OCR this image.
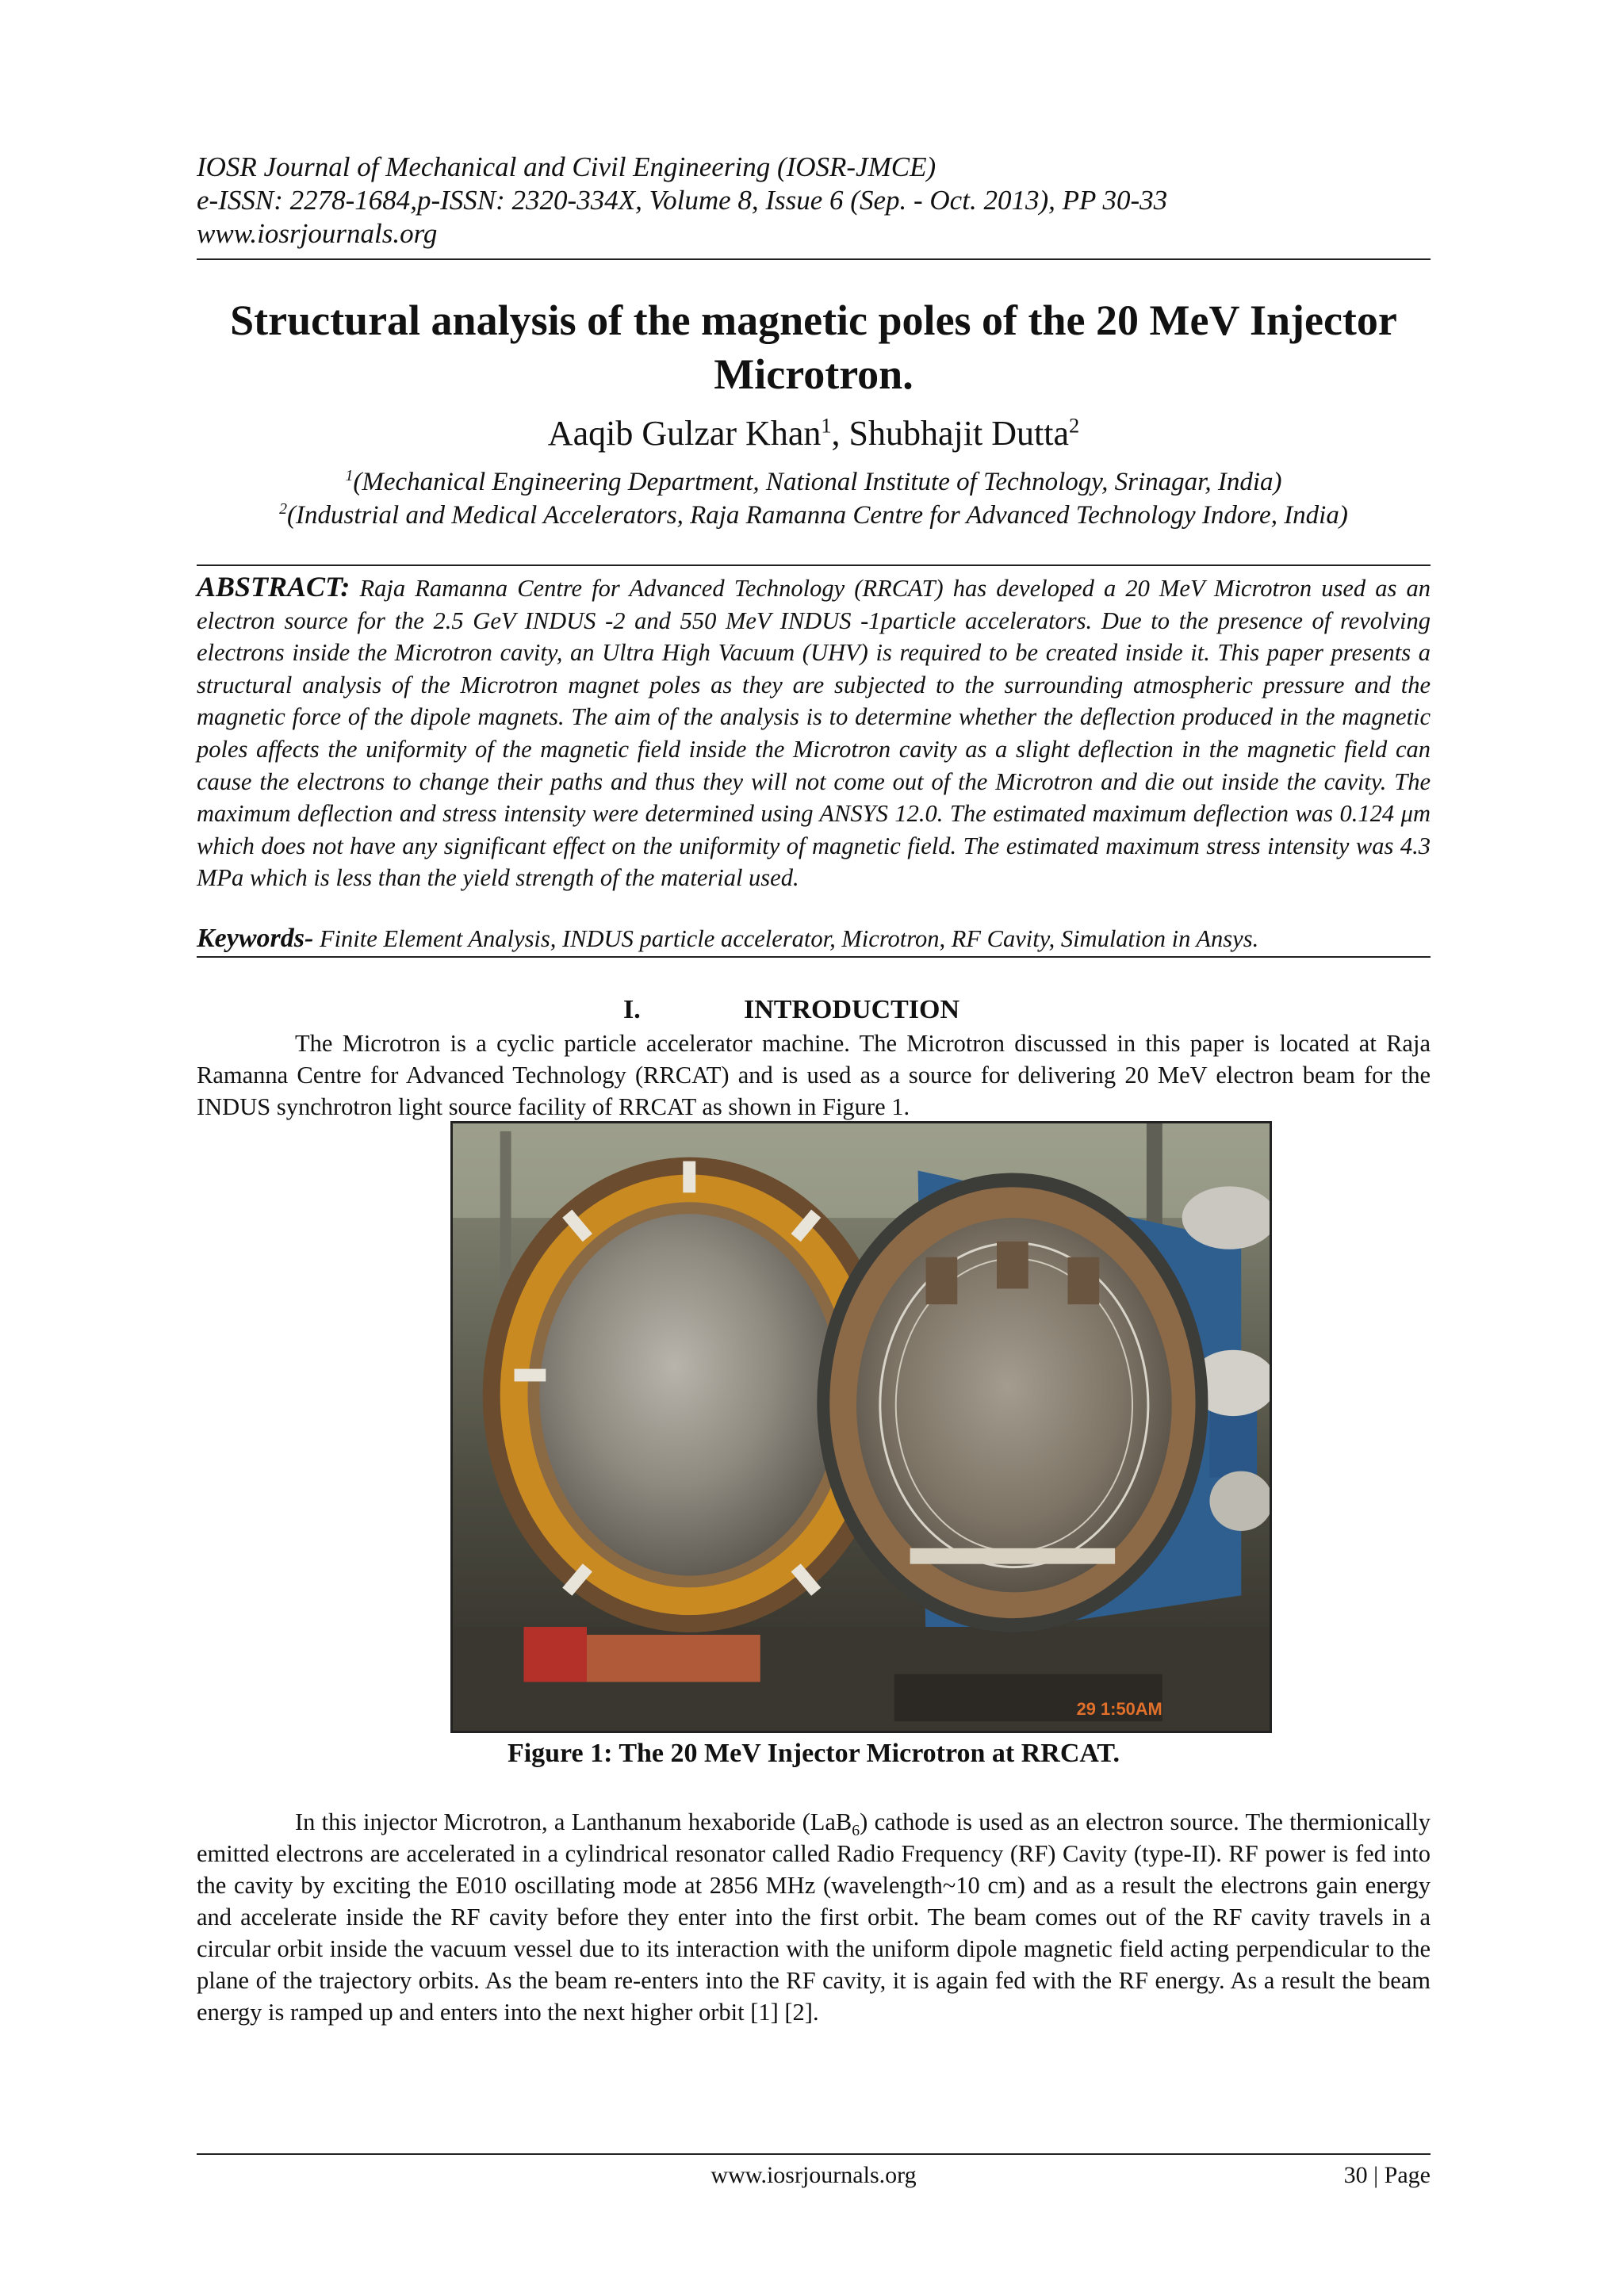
IOSR Journal of Mechanical and Civil Engineering (IOSR-JMCE)
e-ISSN: 2278-1684,p-ISSN: 2320-334X, Volume 8, Issue 6 (Sep. - Oct. 2013), PP 30-33
www.iosrjournals.org
Structural analysis of the magnetic poles of the 20 MeV Injector
Microtron.
Aaqib Gulzar Khan$^1$, Shubhajit Dutta$^2$
$^1$(Mechanical Engineering Department, National Institute of Technology, Srinagar, India)
$^2$(Industrial and Medical Accelerators, Raja Ramanna Centre for Advanced Technology Indore, India)
ABSTRACT: Raja Ramanna Centre for Advanced Technology (RRCAT) has developed a 20 MeV Microtron used as an electron source for the 2.5 GeV INDUS -2 and 550 MeV INDUS -1particle accelerators. Due to the presence of revolving electrons inside the Microtron cavity, an Ultra High Vacuum (UHV) is required to be created inside it. This paper presents a structural analysis of the Microtron magnet poles as they are subjected to the surrounding atmospheric pressure and the magnetic force of the dipole magnets. The aim of the analysis is to determine whether the deflection produced in the magnetic poles affects the uniformity of the magnetic field inside the Microtron cavity as a slight deflection in the magnetic field can cause the electrons to change their paths and thus they will not come out of the Microtron and die out inside the cavity. The maximum deflection and stress intensity were determined using ANSYS 12.0. The estimated maximum deflection was 0.124 μm which does not have any significant effect on the uniformity of magnetic field. The estimated maximum stress intensity was 4.3 MPa which is less than the yield strength of the material used.
Keywords- Finite Element Analysis, INDUS particle accelerator, Microtron, RF Cavity, Simulation in Ansys.
I.	INTRODUCTION

The Microtron is a cyclic particle accelerator machine. The Microtron discussed in this paper is located at Raja Ramanna Centre for Advanced Technology (RRCAT) and is used as a source for delivering 20 MeV electron beam for the INDUS synchrotron light source facility of RRCAT as shown in Figure 1.

29 1:50AM
Figure 1: The 20 MeV Injector Microtron at RRCAT.

In this injector Microtron, a Lanthanum hexaboride (LaB$_6$) cathode is used as an electron source. The thermionically emitted electrons are accelerated in a cylindrical resonator called Radio Frequency (RF) Cavity (type-II). RF power is fed into the cavity by exciting the E010 oscillating mode at 2856 MHz (wavelength~10 cm) and as a result the electrons gain energy and accelerate inside the RF cavity before they enter into the first orbit. The beam comes out of the RF cavity travels in a circular orbit inside the vacuum vessel due to its interaction with the uniform dipole magnetic field acting perpendicular to the plane of the trajectory orbits. As the beam re-enters into the RF cavity, it is again fed with the RF energy. As a result the beam energy is ramped up and enters into the next higher orbit [1] [2].

www.iosrjournals.org	30 | Page
